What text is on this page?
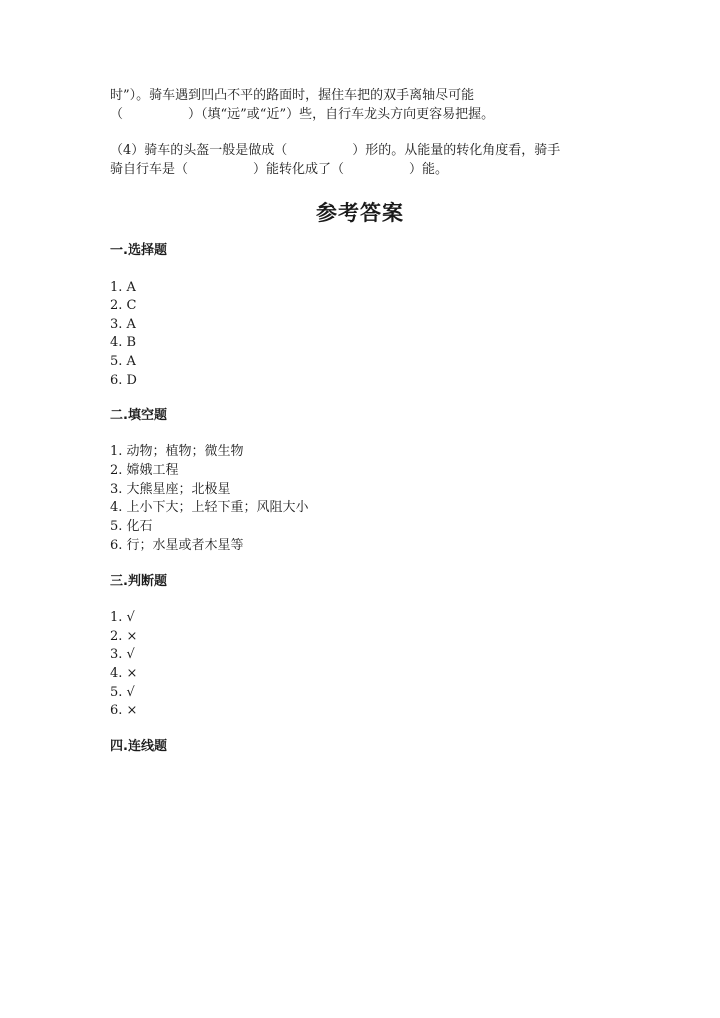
时”）。骑车遇到凹凸不平的路面时，握住车把的双手离轴尽可能
（　　　　　）（填“远”或“近”）些，自行车龙头方向更容易把握。
（4）骑车的头盔一般是做成（　　　　　）形的。从能量的转化角度看，骑手
骑自行车是（　　　　　）能转化成了（　　　　　）能。
参考答案
一.选择题
1. A
2. C
3. A
4. B
5. A
6. D
二.填空题
1. 动物；植物；微生物
2. 嫦娥工程
3. 大熊星座；北极星
4. 上小下大；上轻下重；风阻大小
5. 化石
6. 行；水星或者木星等
三.判断题
1. √
2. ×
3. √
4. ×
5. √
6. ×
四.连线题
